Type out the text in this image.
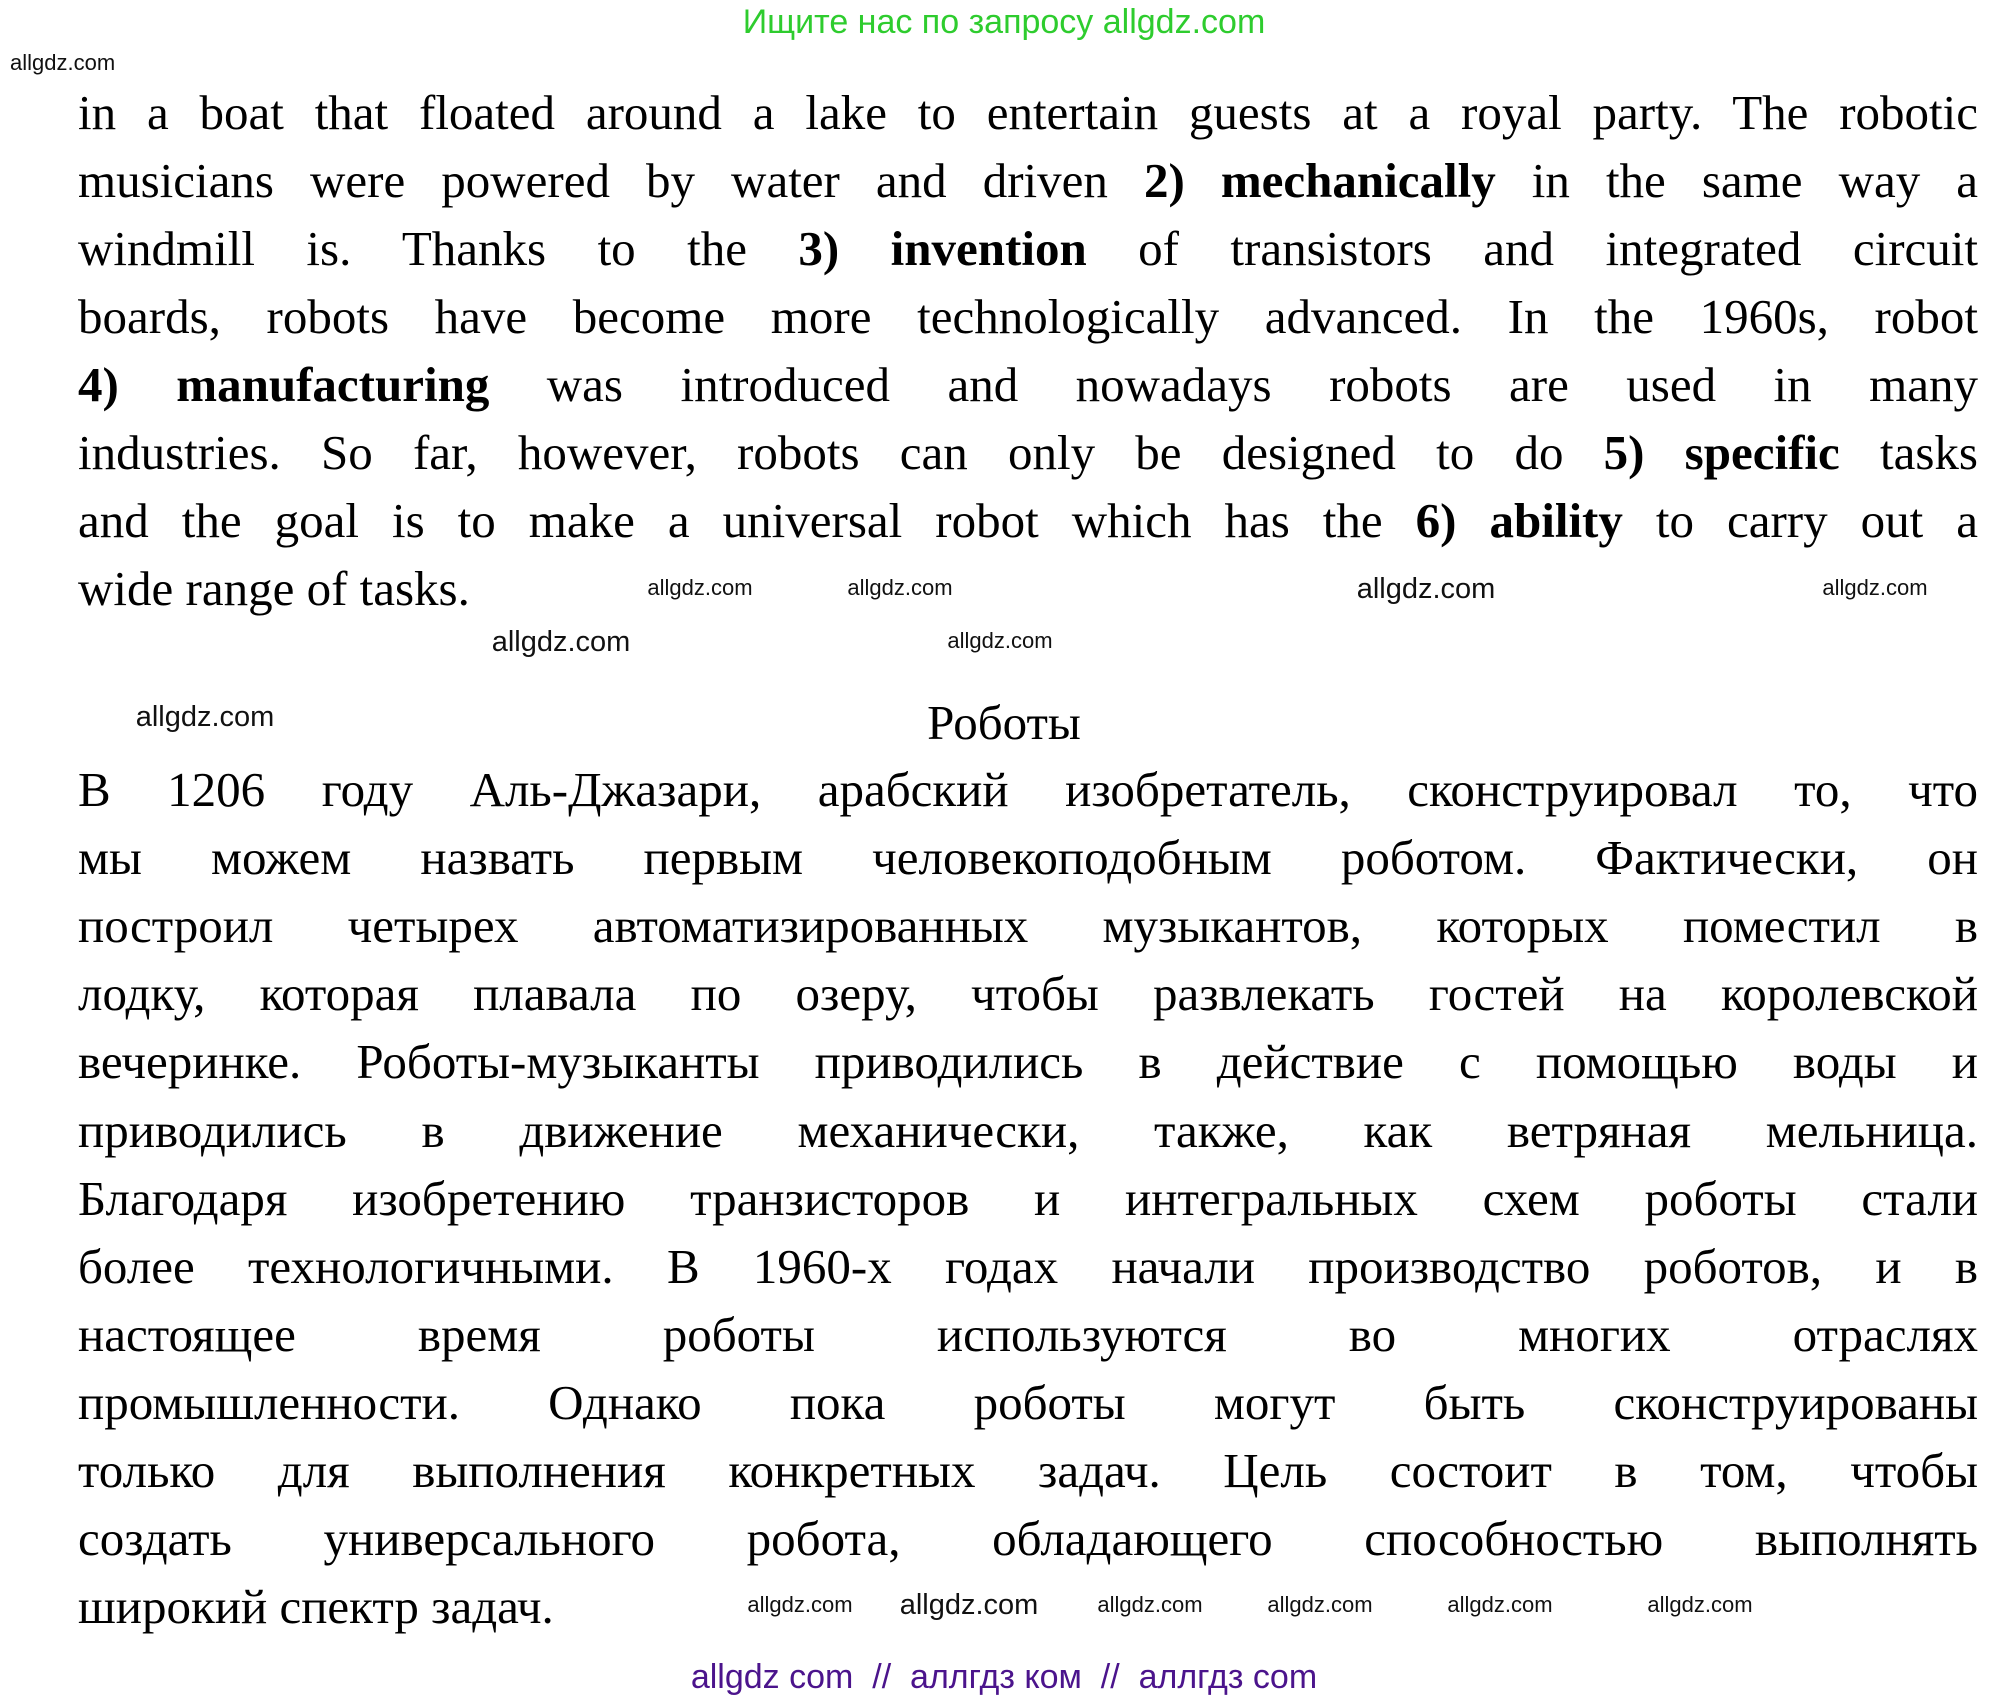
Ищите нас по запросу allgdz.com
in a boat that floated around a lake to entertain guests at a royal party. The robotic
musicians were powered by water and driven 2) mechanically in the same way a
windmill is. Thanks to the 3) invention of transistors and integrated circuit
boards, robots have become more technologically advanced. In the 1960s, robot
4) manufacturing was introduced and nowadays robots are used in many
industries. So far, however, robots can only be designed to do 5) specific tasks
and the goal is to make a universal robot which has the 6) ability to carry out a
wide range of tasks.
Роботы
В 1206 году Аль-Джазари, арабский изобретатель, сконструировал то, что
мы можем назвать первым человекоподобным роботом. Фактически, он
построил четырех автоматизированных музыкантов, которых поместил в
лодку, которая плавала по озеру, чтобы развлекать гостей на королевской
вечеринке. Роботы-музыканты приводились в действие с помощью воды и
приводились в движение механически, также, как ветряная мельница.
Благодаря изобретению транзисторов и интегральных схем роботы стали
более технологичными. В 1960-х годах начали производство роботов, и в
настоящее время роботы используются во многих отраслях
промышленности. Однако пока роботы могут быть сконструированы
только для выполнения конкретных задач. Цель состоит в том, чтобы
создать универсального робота, обладающего способностью выполнять
широкий спектр задач.
allgdz.com
allgdz.com	allgdz.com	allgdz.com
allgdz.com
allgdz.com
allgdz.com
allgdz.com	allgdz.com	allgdz.com	allgdz.com
allgdz.com
allgdz.com
allgdz.com
allgdz com  //  аллгдз ком  //  аллгдз com
